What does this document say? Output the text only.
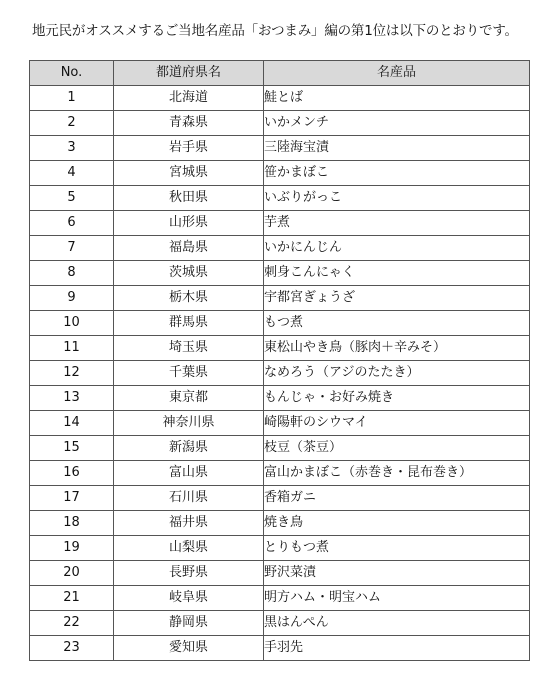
地元民がオススメするご当地名産品「おつまみ」編の第1位は以下のとおりです。
No.	都道府県名	名産品
1	北海道	鮭とば
2	青森県	いかメンチ
3	岩手県	三陸海宝漬
4	宮城県	笹かまぼこ
5	秋田県	いぶりがっこ
6	山形県	芋煮
7	福島県	いかにんじん
8	茨城県	刺身こんにゃく
9	栃木県	宇都宮ぎょうざ
10	群馬県	もつ煮
11	埼玉県	東松山やき鳥（豚肉＋辛みそ）
12	千葉県	なめろう（アジのたたき）
13	東京都	もんじゃ・お好み焼き
14	神奈川県	崎陽軒のシウマイ
15	新潟県	枝豆（茶豆）
16	富山県	富山かまぼこ（赤巻き・昆布巻き）
17	石川県	香箱ガニ
18	福井県	焼き鳥
19	山梨県	とりもつ煮
20	長野県	野沢菜漬
21	岐阜県	明方ハム・明宝ハム
22	静岡県	黒はんぺん
23	愛知県	手羽先
